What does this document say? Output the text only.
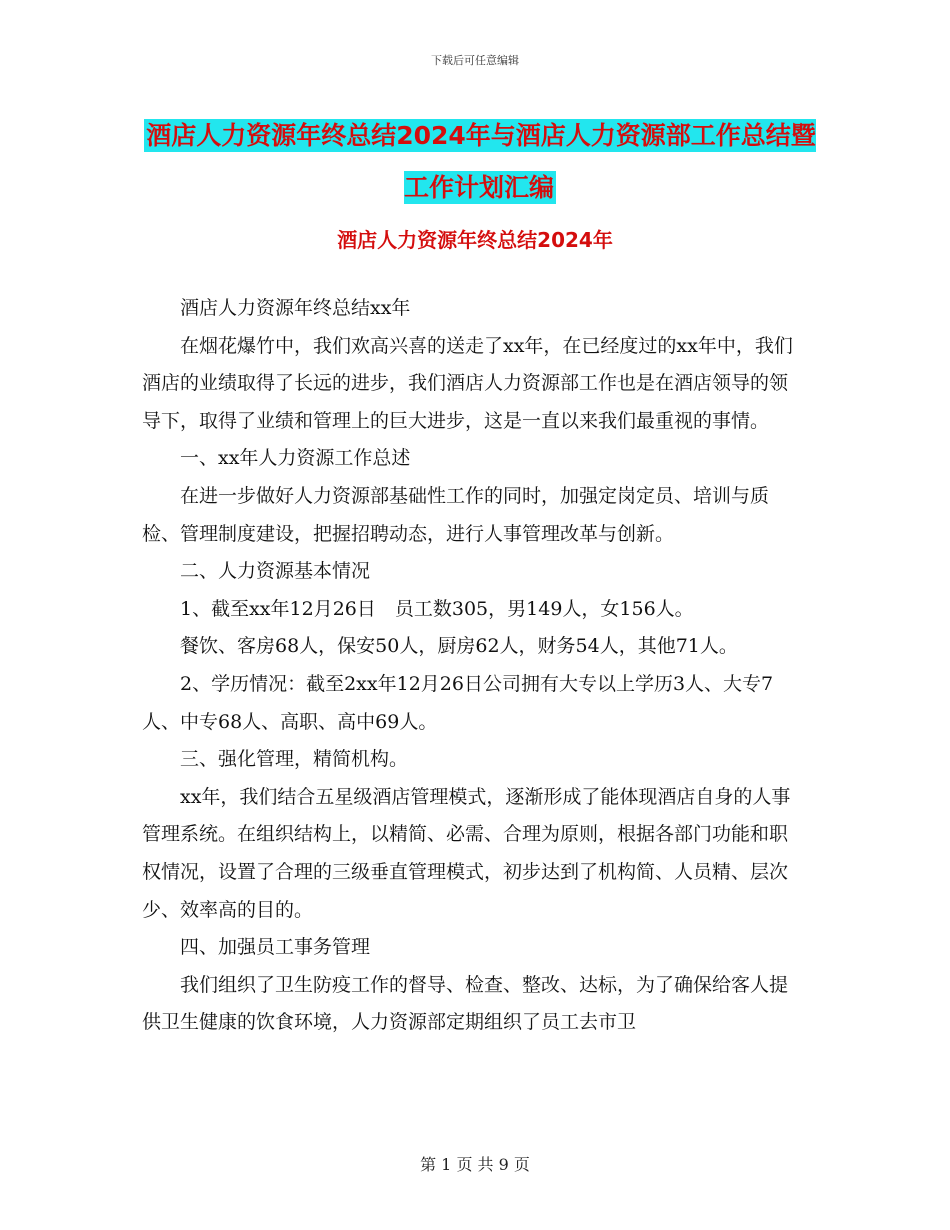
下载后可任意编辑
酒店人力资源年终总结2024年与酒店人力资源部工作总结暨工作计划汇编
酒店人力资源年终总结2024年

酒店人力资源年终总结xx年

在烟花爆竹中，我们欢高兴喜的送走了xx年，在已经度过的xx年中，我们酒店的业绩取得了长远的进步，我们酒店人力资源部工作也是在酒店领导的领导下，取得了业绩和管理上的巨大进步，这是一直以来我们最重视的事情。

一、xx年人力资源工作总述

在进一步做好人力资源部基础性工作的同时，加强定岗定员、培训与质检、管理制度建设，把握招聘动态，进行人事管理改革与创新。

二、人力资源基本情况

1、截至xx年12月26日　员工数305，男149人，女156人。

餐饮、客房68人，保安50人，厨房62人，财务54人，其他71人。

2、学历情况：截至2xx年12月26日公司拥有大专以上学历3人、大专7人、中专68人、高职、高中69人。

三、强化管理，精简机构。

xx年，我们结合五星级酒店管理模式，逐渐形成了能体现酒店自身的人事管理系统。在组织结构上，以精简、必需、合理为原则，根据各部门功能和职权情况，设置了合理的三级垂直管理模式，初步达到了机构简、人员精、层次少、效率高的目的。

四、加强员工事务管理

我们组织了卫生防疫工作的督导、检查、整改、达标，为了确保给客人提供卫生健康的饮食环境，人力资源部定期组织了员工去市卫

第 1 页 共 9 页
